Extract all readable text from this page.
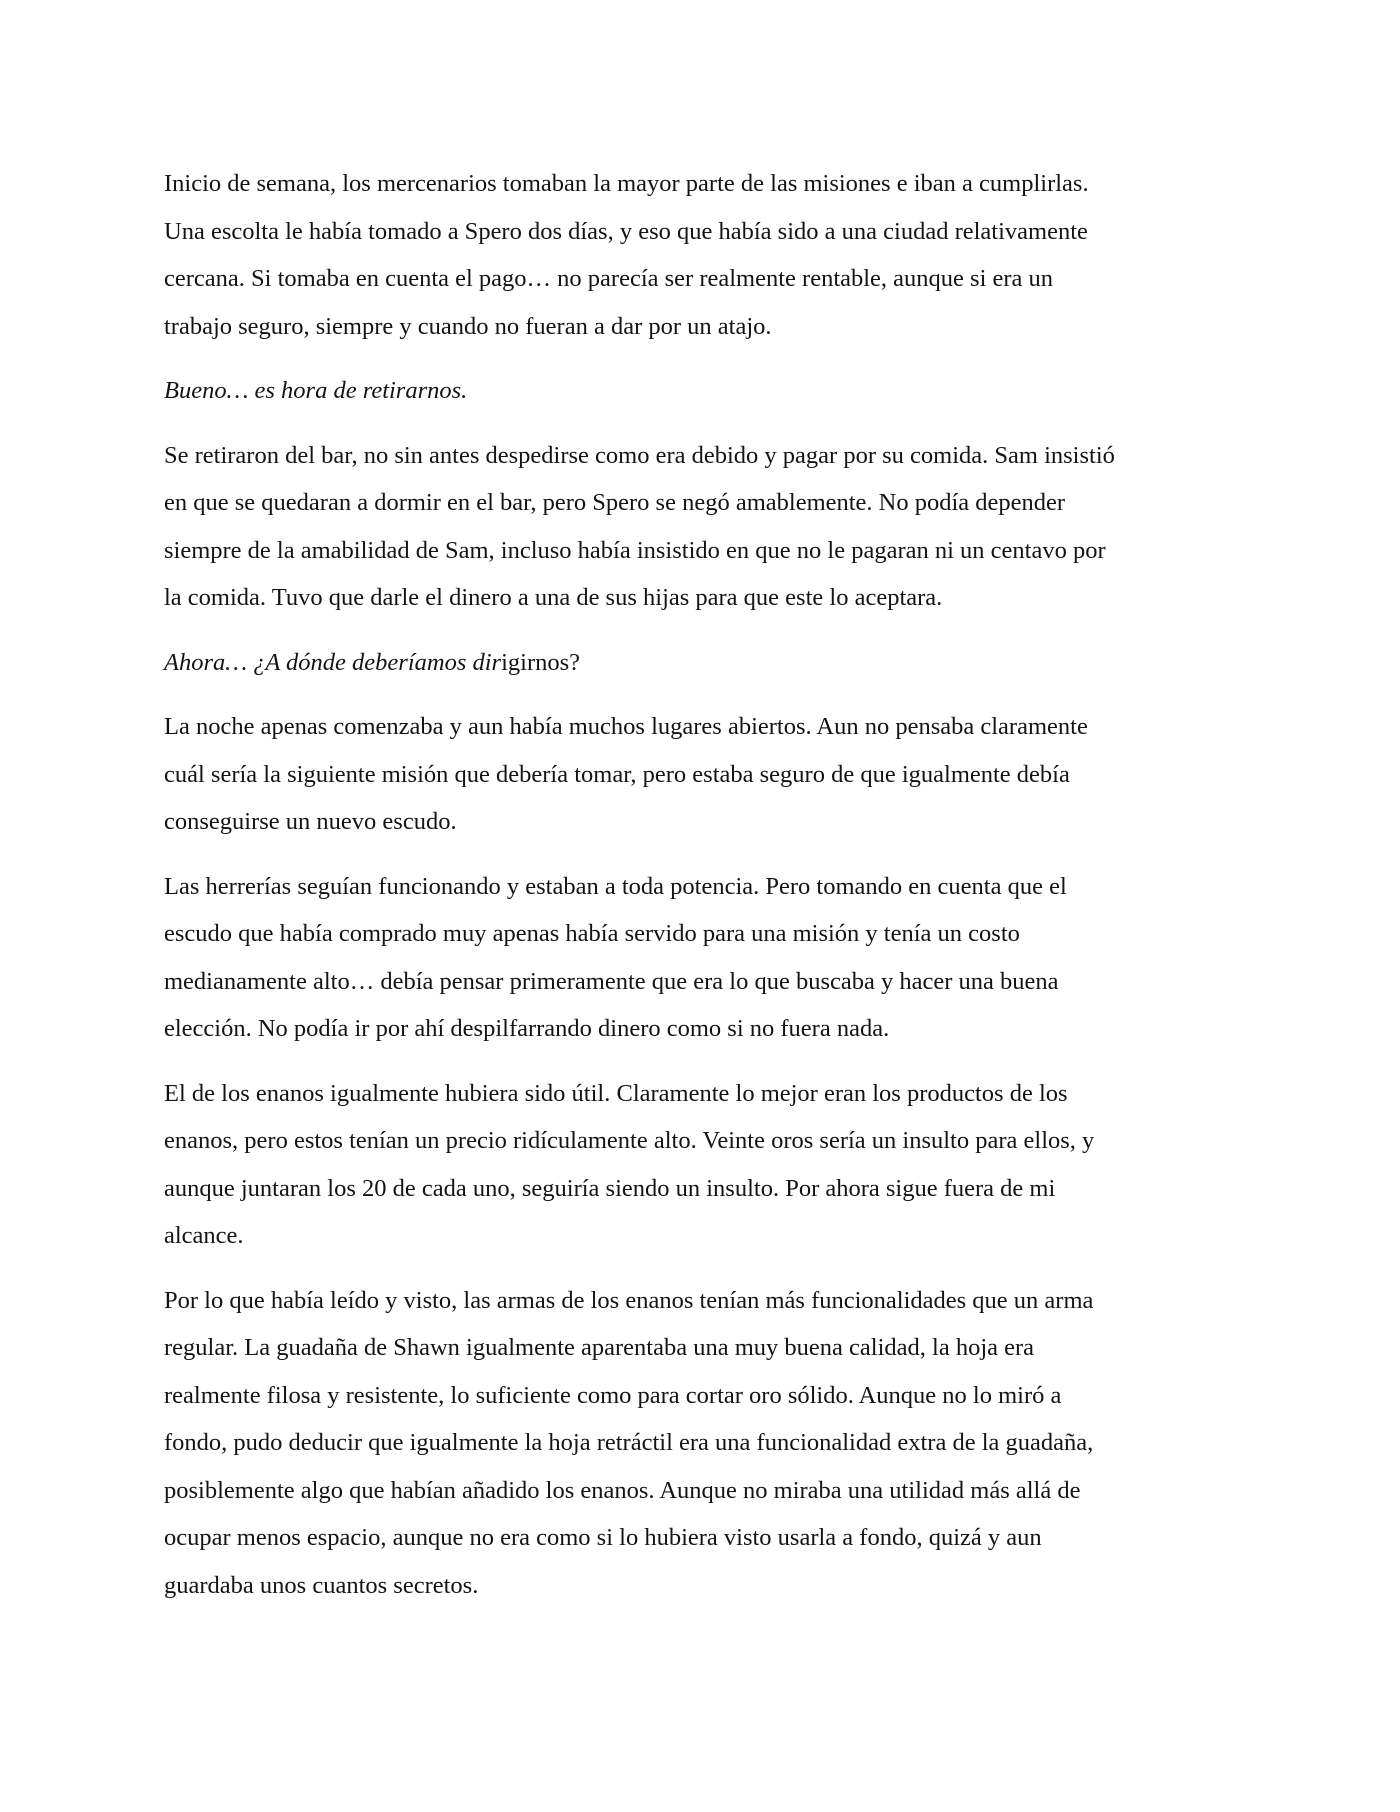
Inicio de semana, los mercenarios tomaban la mayor parte de las misiones e iban a cumplirlas.
Una escolta le había tomado a Spero dos días, y eso que había sido a una ciudad relativamente
cercana. Si tomaba en cuenta el pago… no parecía ser realmente rentable, aunque si era un
trabajo seguro, siempre y cuando no fueran a dar por un atajo.

Bueno… es hora de retirarnos.

Se retiraron del bar, no sin antes despedirse como era debido y pagar por su comida. Sam insistió
en que se quedaran a dormir en el bar, pero Spero se negó amablemente. No podía depender
siempre de la amabilidad de Sam, incluso había insistido en que no le pagaran ni un centavo por
la comida. Tuvo que darle el dinero a una de sus hijas para que este lo aceptara.

Ahora… ¿A dónde deberíamos dirigirnos?

La noche apenas comenzaba y aun había muchos lugares abiertos. Aun no pensaba claramente
cuál sería la siguiente misión que debería tomar, pero estaba seguro de que igualmente debía
conseguirse un nuevo escudo.

Las herrerías seguían funcionando y estaban a toda potencia. Pero tomando en cuenta que el
escudo que había comprado muy apenas había servido para una misión y tenía un costo
medianamente alto… debía pensar primeramente que era lo que buscaba y hacer una buena
elección. No podía ir por ahí despilfarrando dinero como si no fuera nada.

El de los enanos igualmente hubiera sido útil. Claramente lo mejor eran los productos de los
enanos, pero estos tenían un precio ridículamente alto. Veinte oros sería un insulto para ellos, y
aunque juntaran los 20 de cada uno, seguiría siendo un insulto. Por ahora sigue fuera de mi
alcance.

Por lo que había leído y visto, las armas de los enanos tenían más funcionalidades que un arma
regular. La guadaña de Shawn igualmente aparentaba una muy buena calidad, la hoja era
realmente filosa y resistente, lo suficiente como para cortar oro sólido. Aunque no lo miró a
fondo, pudo deducir que igualmente la hoja retráctil era una funcionalidad extra de la guadaña,
posiblemente algo que habían añadido los enanos. Aunque no miraba una utilidad más allá de
ocupar menos espacio, aunque no era como si lo hubiera visto usarla a fondo, quizá y aun
guardaba unos cuantos secretos.
